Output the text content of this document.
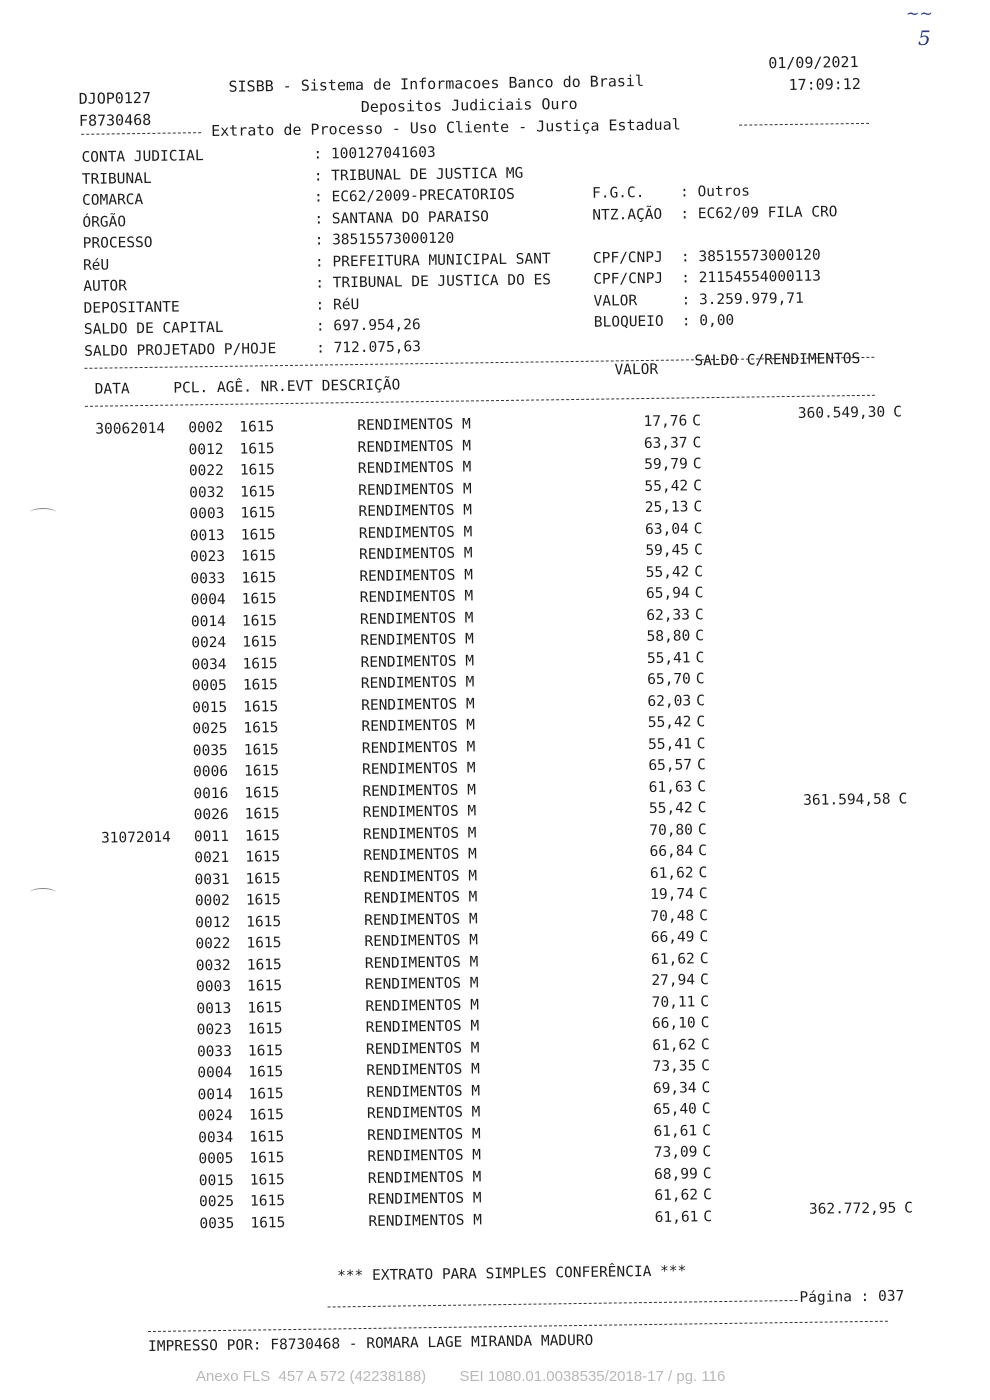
~~
5
DJOP0127
F8730468
SISBB - Sistema de Informacoes Banco do Brasil
Depositos Judiciais Ouro
01/09/2021
17:09:12
Extrato de Processo - Uso Cliente - Justiça Estadual
CONTA JUDICIAL	: 100127041603
TRIBUNAL	: TRIBUNAL DE JUSTICA MG
COMARCA	: EC62/2009-PRECATORIOS	F.G.C. : Outros
ÓRGÃO	: SANTANA DO PARAISO	NTZ.AÇÃO : EC62/09 FILA CRO
PROCESSO	: 38515573000120
RéU	: PREFEITURA MUNICIPAL SANT	CPF/CNPJ : 38515573000120
AUTOR	: TRIBUNAL DE JUSTICA DO ES	CPF/CNPJ : 21154554000113
DEPOSITANTE	: RéU	VALOR	: 3.259.979,71
SALDO DE CAPITAL	: 697.954,26	BLOQUEIO : 0,00
SALDO PROJETADO P/HOJE	: 712.075,63
DATA     PCL. AGÊ. NR.EVT DESCRIÇÃO
VALOR
SALDO C/RENDIMENTOS
30062014 0002 1615	RENDIMENTOS M	17,76 C	360.549,30 C
0012 1615	RENDIMENTOS M	63,37 C
0022 1615	RENDIMENTOS M	59,79 C
0032 1615	RENDIMENTOS M	55,42 C
0003 1615	RENDIMENTOS M	25,13 C
0013 1615	RENDIMENTOS M	63,04 C
0023 1615	RENDIMENTOS M	59,45 C
0033 1615	RENDIMENTOS M	55,42 C
0004 1615	RENDIMENTOS M	65,94 C
0014 1615	RENDIMENTOS M	62,33 C
0024 1615	RENDIMENTOS M	58,80 C
0034 1615	RENDIMENTOS M	55,41 C
0005 1615	RENDIMENTOS M	65,70 C
0015 1615	RENDIMENTOS M	62,03 C
0025 1615	RENDIMENTOS M	55,42 C
0035 1615	RENDIMENTOS M	55,41 C
0006 1615	RENDIMENTOS M	65,57 C
0016 1615	RENDIMENTOS M	61,63 C
0026 1615	RENDIMENTOS M	55,42 C	361.594,58 C
31072014 0011 1615	RENDIMENTOS M	70,80 C
0021 1615	RENDIMENTOS M	66,84 C
0031 1615	RENDIMENTOS M	61,62 C
0002 1615	RENDIMENTOS M	19,74 C
0012 1615	RENDIMENTOS M	70,48 C
0022 1615	RENDIMENTOS M	66,49 C
0032 1615	RENDIMENTOS M	61,62 C
0003 1615	RENDIMENTOS M	27,94 C
0013 1615	RENDIMENTOS M	70,11 C
0023 1615	RENDIMENTOS M	66,10 C
0033 1615	RENDIMENTOS M	61,62 C
0004 1615	RENDIMENTOS M	73,35 C
0014 1615	RENDIMENTOS M	69,34 C
0024 1615	RENDIMENTOS M	65,40 C
0034 1615	RENDIMENTOS M	61,61 C
0005 1615	RENDIMENTOS M	73,09 C
0015 1615	RENDIMENTOS M	68,99 C
0025 1615	RENDIMENTOS M	61,62 C
0035 1615	RENDIMENTOS M	61,61 C	362.772,95 C
*** EXTRATO PARA SIMPLES CONFERÊNCIA ***
Página : 037
IMPRESSO POR: F8730468 - ROMARA LAGE MIRANDA MADURO
Anexo FLS  457 A 572 (42238188)        SEI 1080.01.0038535/2018-17 / pg. 116
